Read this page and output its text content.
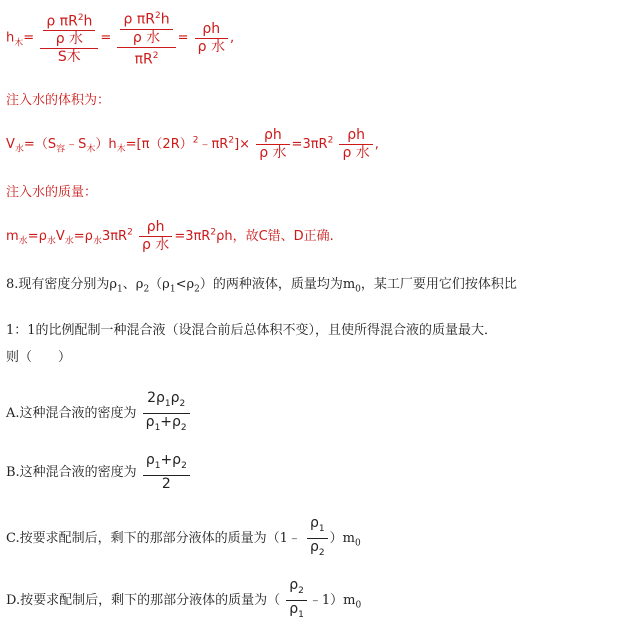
$h_木= \frac{\frac{\rho \pi R^2h}{\text{ρ 水}}}{\text{S木}} = \frac{\frac{\rho \pi R^2h}{\text{ρ 水}}}{\pi R^2} = \frac{\rho h}{\text{ρ 水}}$ ,
注入水的体积为：
$V_水=(S_容﹣S_木)h_木=[\pi(2R)^2﹣\pi R^2]\times \frac{\rho h}{\text{ρ 水}} =3\pi R^2 \frac{\rho h}{\text{ρ 水}}$ ,
注入水的质量：
$m_水=\rho_水V_水=\rho_水3\pi R^2 \frac{\rho h}{\text{ρ 水}} =3\pi R^2\rho h$，故C错、D正确.
8.现有密度分别为$\rho_1$、$\rho_2(\rho_1<\rho_2)$的两种液体，质量均为$m_0$，某工厂要用它们按体积比
1：1的比例配制一种混合液（设混合前后总体积不变），且使所得混合液的质量最大．
则（　　）
A.这种混合液的密度为 $\frac{2\rho_1\rho_2}{\rho_1+\rho_2}$
B.这种混合液的密度为 $\frac{\rho_1+\rho_2}{2}$
C.按要求配制后，剩下的那部分液体的质量为（1﹣ $\frac{\rho_1}{\rho_2} )m_0$
D.按要求配制后，剩下的那部分液体的质量为（ $\frac{\rho_2}{\rho_1}$ $﹣1)m_0$
